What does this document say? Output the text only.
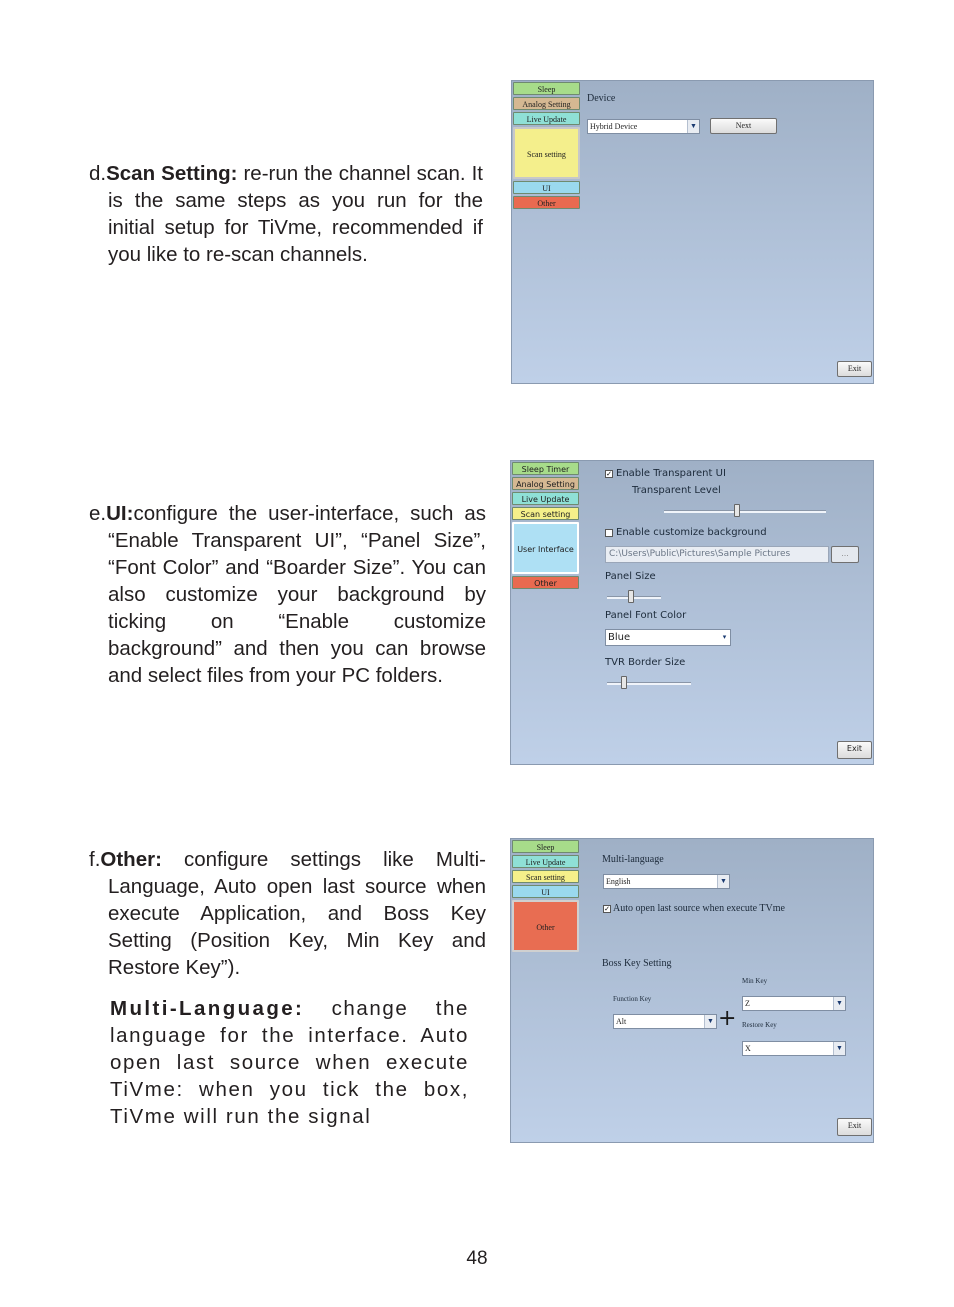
d.Scan Setting: re-run the channel scan. It is the same steps as you run for the initial setup for TiVme, recommended if you like to re-scan channels.
e.UI:configure the user-interface, such as “Enable Transparent UI”, “Panel Size”, “Font Color” and “Boarder Size”. You can also customize your background by ticking on “Enable customize background” and then you can browse and select files from your PC folders.
f.Other: configure settings like Multi-Language, Auto open last source when execute Application, and Boss Key Setting (Position Key, Min Key and Restore Key”).
Multi-Language: change the language for the interface. Auto open last source when execute TiVme: when you tick the box, TiVme will run the signal
48
Sleep
Analog Setting
Live Update
Scan setting
UI
Other
Device
Hybrid Device	▼	Next
Exit
Sleep Timer
Analog Setting
Live Update
Scan setting
User Interface
Other
✓ Enable Transparent UI
Transparent Level
Enable customize background
C:\Users\Public\Pictures\Sample Pictures	...
Panel Size
Panel Font Color
Blue	▾
TVR Border Size
Exit
Sleep
Live Update
Scan setting
UI
Other
Multi-language
English	▼
✓ Auto open last source when execute TVme
Boss Key Setting
Function Key
Alt	▼ +
Min Key
Z	▼
Restore Key
X	▼
Exit
